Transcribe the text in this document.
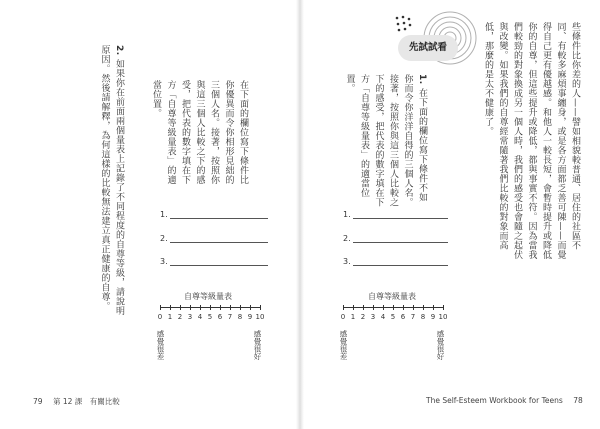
2. 如果你在前面兩個量表上記錄了不同程度的自尊等級，請說明原因。然後請解釋，為何這樣的比較無法建立真正健康的自尊。	在下面的欄位寫下條件比你優異而令你相形見絀的三個人名。接著，按照你與這三個人比較之下的感受，把代表的數字填在下方「自尊等級量表」的適當位置。
1.
2.
3.
自尊等級量表
0 1 2 3 4 5 6 7 8 9 10
感覺很差	感覺很好
79 第 12 課　有關比較
先試試看	些條件比你差的人——譬如相貌較普通、居住的社區不同、有較多麻煩事纏身，或是各方面都乏善可陳——而覺得自己更有優越感。和他人一較長短，會暫時提升或降低你的自尊，但這些提升或降低，都與事實不符。因為當我們較勁的對象換成另一個人時，我們的感受也會隨之起伏與改變。如果我們的自尊經常隨著我們比較的對象而高低，那麼的是太不健康了。
1. 在下面的欄位寫下條件不如你而令你洋洋自得的三個人名。接著，按照你與這三個人比較之下的感受，把代表的數字填在下方「自尊等級量表」的適當位置。
1.
2.
3.
自尊等級量表
0 1 2 3 4 5 6 7 8 9 10
感覺很差	感覺很好
The Self-Esteem Workbook for Teens 78
